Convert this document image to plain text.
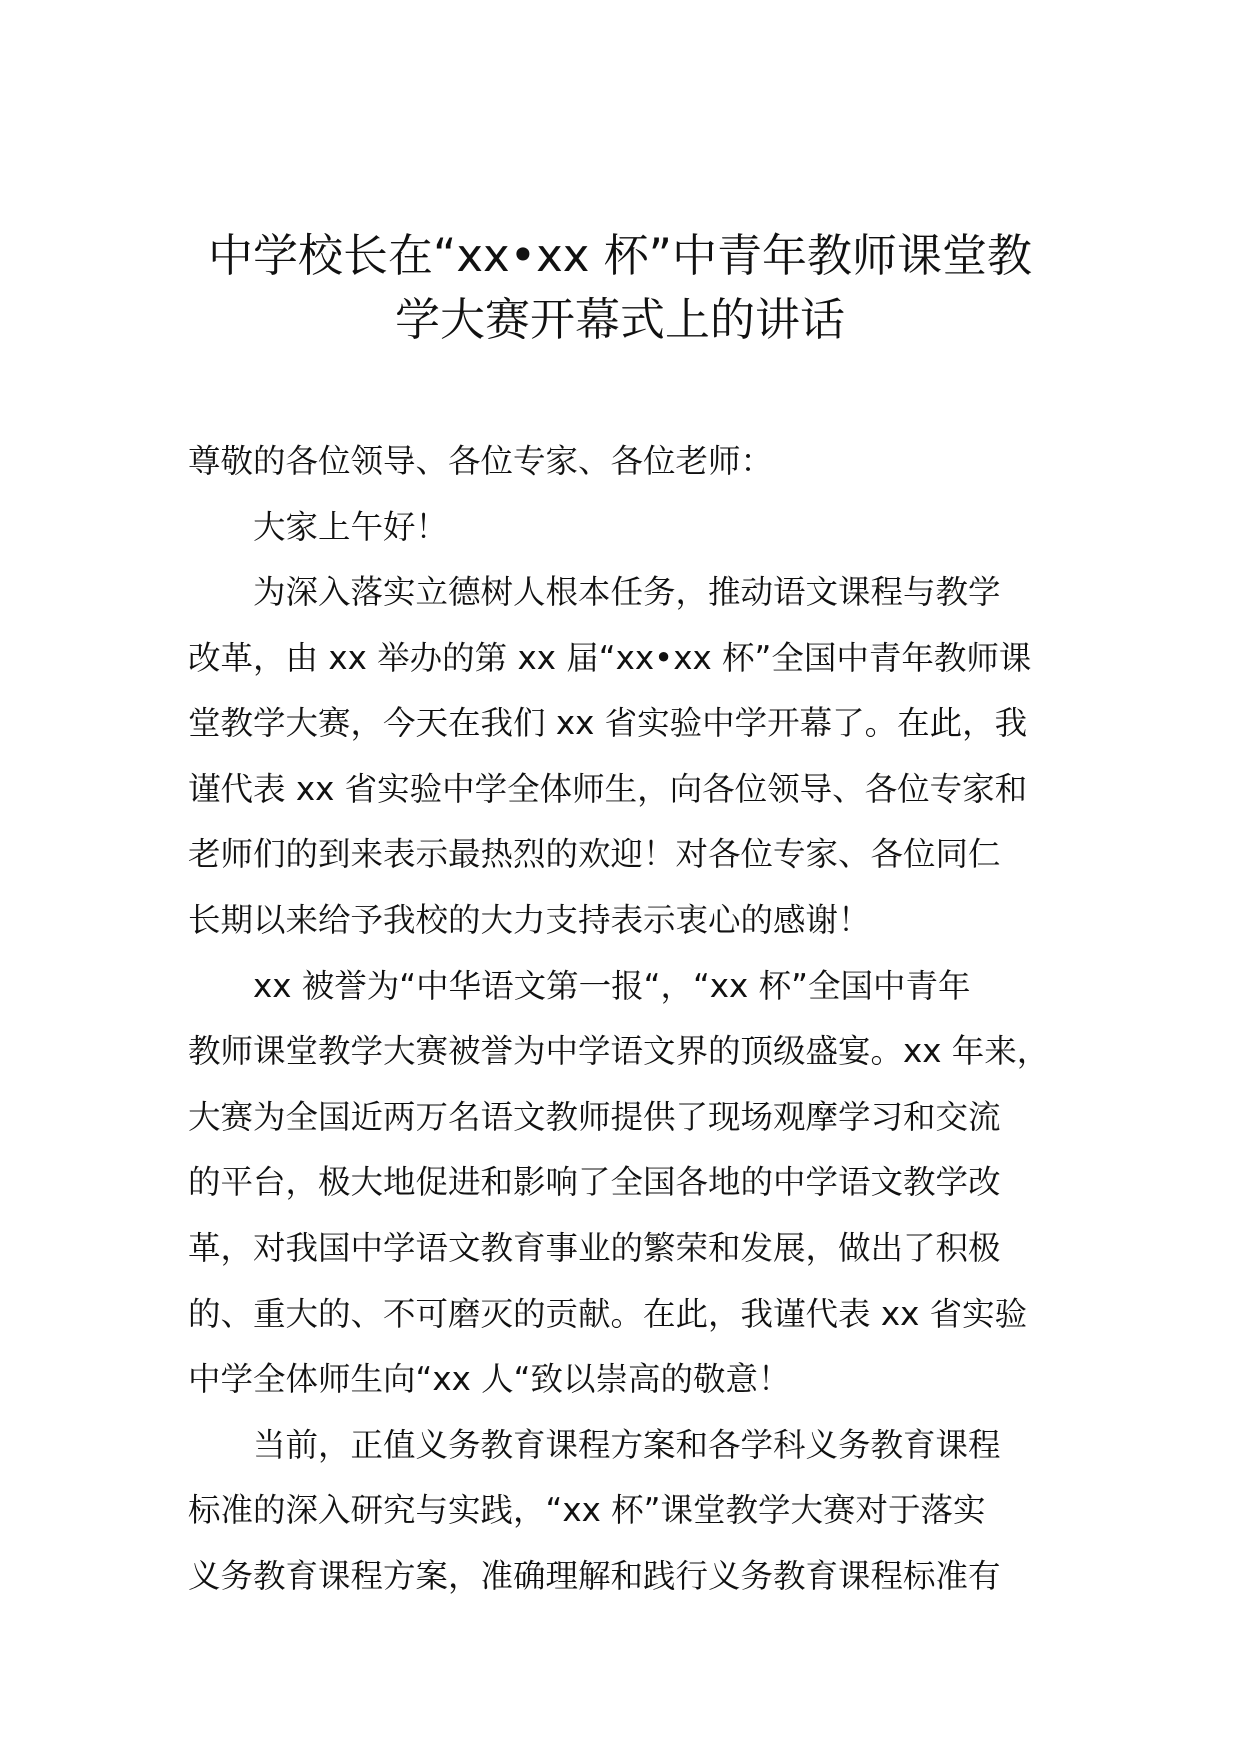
中学校长在“xx•xx 杯”中青年教师课堂教
学大赛开幕式上的讲话

尊敬的各位领导、各位专家、各位老师：

大家上午好！

为深入落实立德树人根本任务，推动语文课程与教学
改革，由 xx 举办的第 xx 届“xx•xx 杯”全国中青年教师课
堂教学大赛，今天在我们 xx 省实验中学开幕了。在此，我
谨代表 xx 省实验中学全体师生，向各位领导、各位专家和
老师们的到来表示最热烈的欢迎！对各位专家、各位同仁
长期以来给予我校的大力支持表示衷心的感谢！

xx 被誉为“中华语文第一报“，“xx 杯”全国中青年
教师课堂教学大赛被誉为中学语文界的顶级盛宴。xx 年来，
大赛为全国近两万名语文教师提供了现场观摩学习和交流
的平台，极大地促进和影响了全国各地的中学语文教学改
革，对我国中学语文教育事业的繁荣和发展，做出了积极
的、重大的、不可磨灭的贡献。在此，我谨代表 xx 省实验
中学全体师生向“xx 人“致以崇高的敬意！

当前，正值义务教育课程方案和各学科义务教育课程
标准的深入研究与实践，“xx 杯”课堂教学大赛对于落实
义务教育课程方案，准确理解和践行义务教育课程标准有
